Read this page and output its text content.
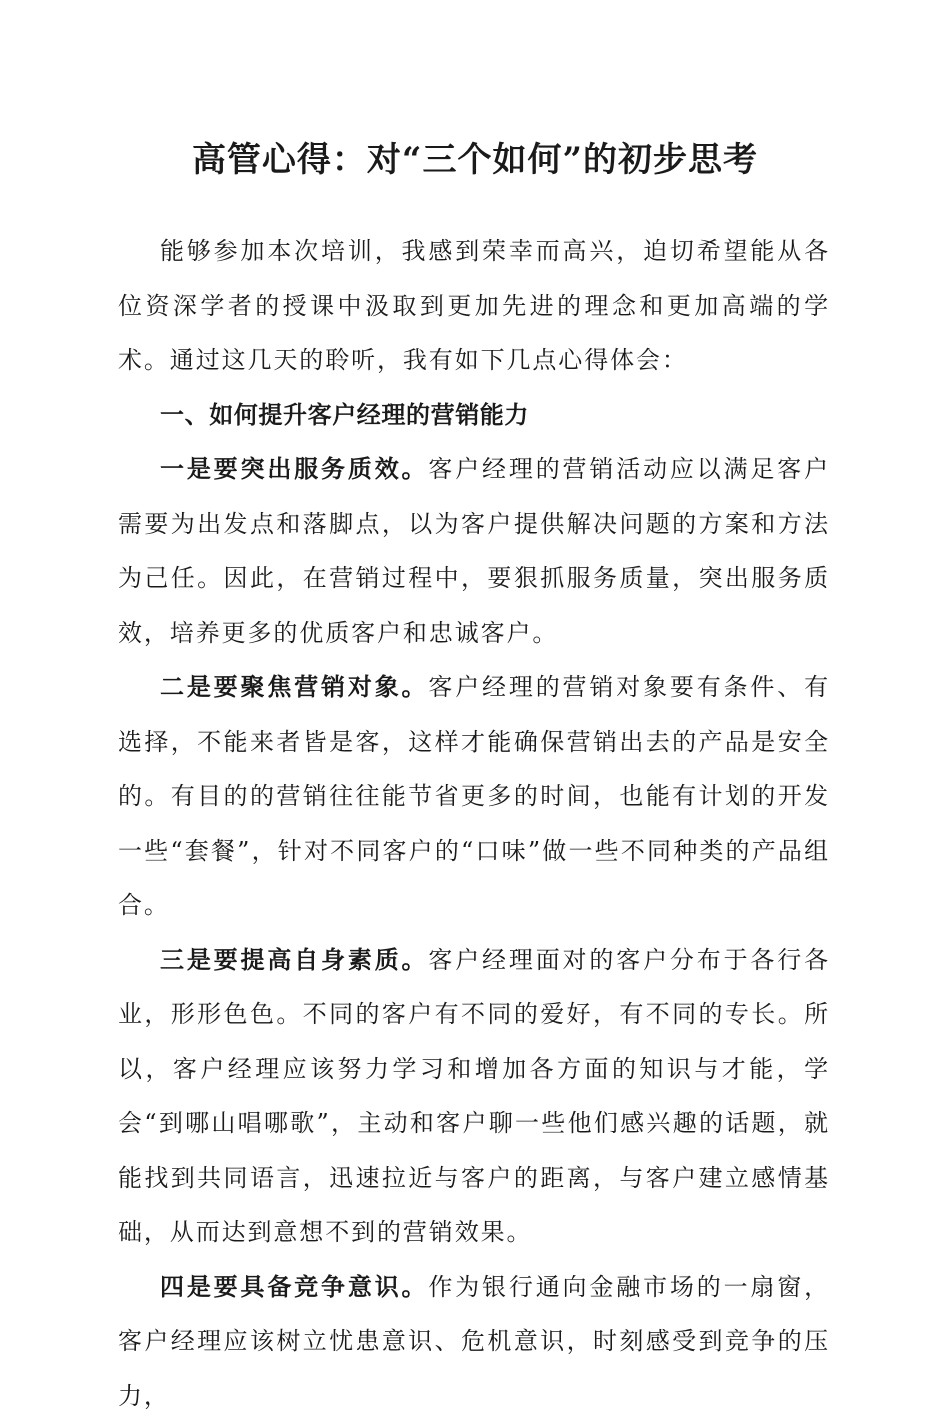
高管心得：对“三个如何”的初步思考

能够参加本次培训，我感到荣幸而高兴，迫切希望能从各位资深学者的授课中汲取到更加先进的理念和更加高端的学术。通过这几天的聆听，我有如下几点心得体会：

一、如何提升客户经理的营销能力

一是要突出服务质效。客户经理的营销活动应以满足客户需要为出发点和落脚点，以为客户提供解决问题的方案和方法为己任。因此，在营销过程中，要狠抓服务质量，突出服务质效，培养更多的优质客户和忠诚客户。

二是要聚焦营销对象。客户经理的营销对象要有条件、有选择，不能来者皆是客，这样才能确保营销出去的产品是安全的。有目的的营销往往能节省更多的时间，也能有计划的开发一些“套餐”，针对不同客户的“口味”做一些不同种类的产品组合。

三是要提高自身素质。客户经理面对的客户分布于各行各业，形形色色。不同的客户有不同的爱好，有不同的专长。所以，客户经理应该努力学习和增加各方面的知识与才能，学会“到哪山唱哪歌”，主动和客户聊一些他们感兴趣的话题，就能找到共同语言，迅速拉近与客户的距离，与客户建立感情基础，从而达到意想不到的营销效果。

四是要具备竞争意识。作为银行通向金融市场的一扇窗，客户经理应该树立忧患意识、危机意识，时刻感受到竞争的压力，
